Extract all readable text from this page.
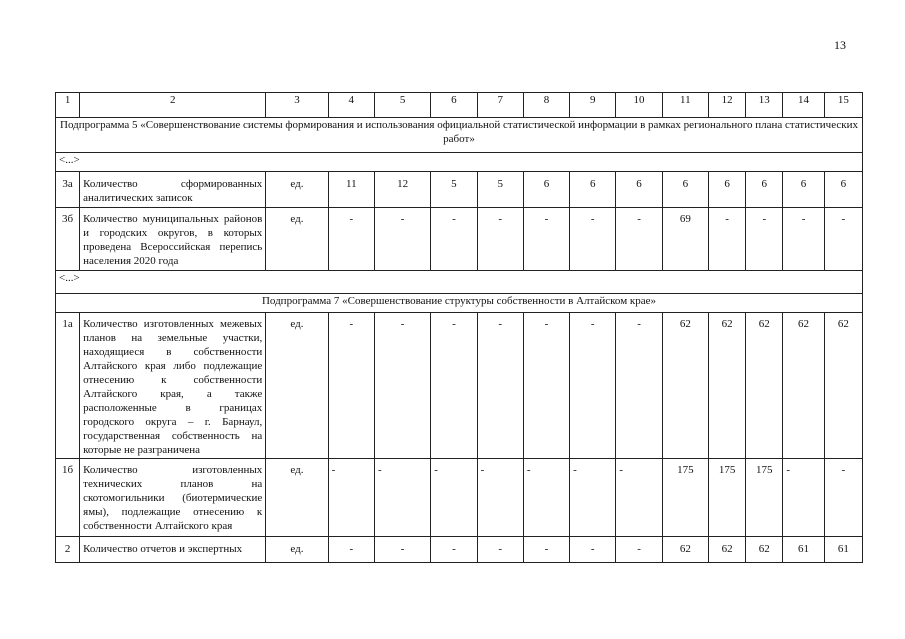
13
1	2	3	4	5	6	7	8	9	10	11	12	13	14	15
Подпрограмма 5 «Совершенствование системы формирования и использования официальной статистической информации в рамках регионального плана статистических работ»														
<...>														
3а	Количество сформированных аналитических записок	ед.	11	12	5	5	6	6	6	6	6	6	6	6
3б	Количество муниципальных районов и городских округов, в которых проведена Всероссийская перепись населения 2020 года	ед.	-	-	-	-	-	-	-	69	-	-	-	-
<...>														
Подпрограмма 7 «Совершенствование структуры собственности в Алтайском крае»														
1а	Количество изготовленных межевых планов на земельные участки, находящиеся в собственности Алтайского края либо подлежащие отнесению к собственности Алтайского края, а также расположенные в границах городского округа – г. Барнаул, государственная собственность на которые не разграничена	ед.	-	-	-	-	-	-	-	62	62	62	62	62
1б	Количество изготовленных технических планов на скотомогильники (биотермические ямы), подлежащие отнесению к собственности Алтайского края	ед.	-	-	-	-	-	-	-	175	175	175	-	-
2	Количество отчетов и экспертных	ед.	-	-	-	-	-	-	-	62	62	62	61	61
